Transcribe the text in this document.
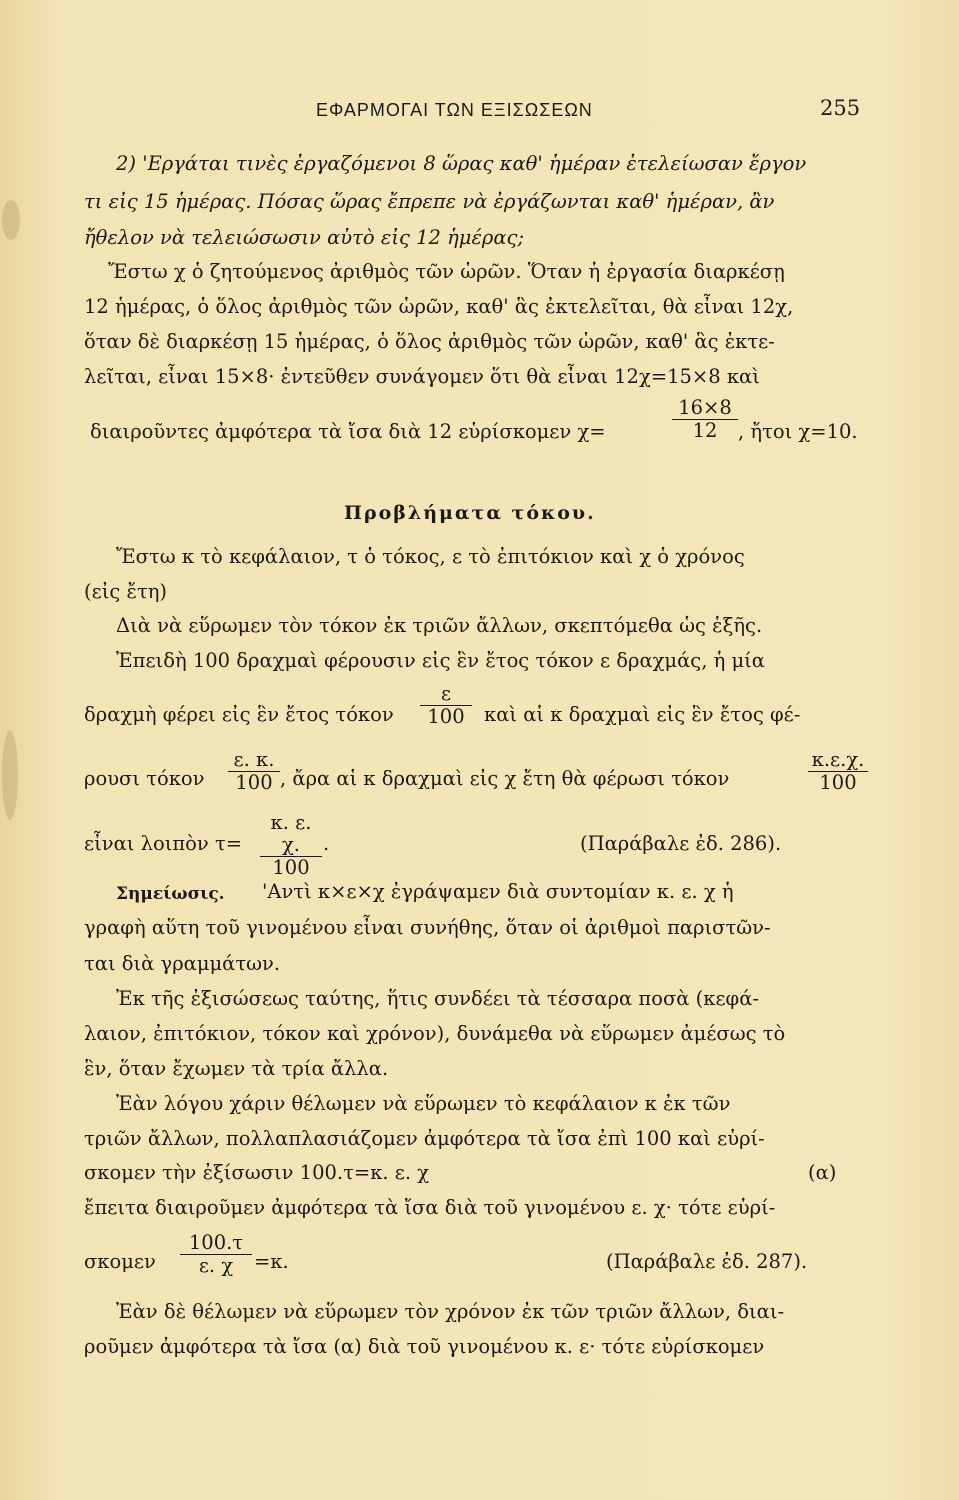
ΕΦΑΡΜΟΓΑΙ ΤΩΝ ΕΞΙΣΩΣΕΩΝ	255
2) 'Εργάται τινὲς ἐργαζόμενοι 8 ὥρας καθ' ἡμέραν ἐτελείωσαν ἔργον
τι εἰς 15 ἡμέρας. Πόσας ὥρας ἔπρεπε νὰ ἐργάζωνται καθ' ἡμέραν, ἂν
ἤθελον νὰ τελειώσωσιν αὐτὸ εἰς 12 ἡμέρας;
Ἔστω χ ὁ ζητούμενος ἀριθμὸς τῶν ὡρῶν. Ὅταν ἡ ἐργασία διαρκέσῃ
12 ἡμέρας, ὁ ὅλος ἀριθμὸς τῶν ὡρῶν, καθ' ἃς ἐκτελεῖται, θὰ εἶναι 12χ,
ὅταν δὲ διαρκέσῃ 15 ἡμέρας, ὁ ὅλος ἀριθμὸς τῶν ὡρῶν, καθ' ἃς ἐκτε-
λεῖται, εἶναι 15×8· ἐντεῦθεν συνάγομεν ὅτι θὰ εἶναι 12χ=15×8 καὶ
διαιροῦντες ἀμφότερα τὰ ἴσα διὰ 12 εὑρίσκομεν χ=	$\frac{16\times 8}{12}$ , ἤτοι χ=10.
Προβλήματα τόκου.
Ἔστω κ τὸ κεφάλαιον, τ ὁ τόκος, ε τὸ ἐπιτόκιον καὶ χ ὁ χρόνος
(εἰς ἔτη)
Διὰ νὰ εὕρωμεν τὸν τόκον ἐκ τριῶν ἄλλων, σκεπτόμεθα ὡς ἑξῆς.
Ἐπειδὴ 100 δραχμαὶ φέρουσιν εἰς ἓν ἔτος τόκον ε δραχμάς, ἡ μία
δραχμὴ φέρει εἰς ἓν ἔτος τόκον $\frac{\varepsilon}{100}$ καὶ αἱ κ δραχμαὶ εἰς ἓν ἔτος φέ-
ρουσι τόκον $\frac{\varepsilon. \kappa.}{100}$ , ἄρα αἱ κ δραχμαὶ εἰς χ ἔτη θὰ φέρωσι τόκον	$\frac{\kappa.\varepsilon.\chi.}{100}$
εἶναι λοιπὸν $\tau= \frac{\kappa. \varepsilon. \chi.}{100}$ .	(Παράβαλε ἐδ. 286).
Σημείωσις. 'Αντὶ κ×ε×χ ἐγράψαμεν διὰ συντομίαν κ. ε. χ ἡ
γραφὴ αὕτη τοῦ γινομένου εἶναι συνήθης, ὅταν οἱ ἀριθμοὶ παριστῶν-
ται διὰ γραμμάτων.
Ἐκ τῆς ἐξισώσεως ταύτης, ἥτις συνδέει τὰ τέσσαρα ποσὰ (κεφά-
λαιον, ἐπιτόκιον, τόκον καὶ χρόνον), δυνάμεθα νὰ εὕρωμεν ἀμέσως τὸ
ἓν, ὅταν ἔχωμεν τὰ τρία ἄλλα.
Ἐὰν λόγου χάριν θέλωμεν νὰ εὕρωμεν τὸ κεφάλαιον κ ἐκ τῶν
τριῶν ἄλλων, πολλαπλασιάζομεν ἀμφότερα τὰ ἴσα ἐπὶ 100 καὶ εὑρί-
σκομεν τὴν ἐξίσωσιν 100.τ=κ. ε. χ	(α)
ἔπειτα διαιροῦμεν ἀμφότερα τὰ ἴσα διὰ τοῦ γινομένου ε. χ· τότε εὑρί-
σκομεν $\frac{100.\tau}{\varepsilon. \chi} =\kappa$.	(Παράβαλε ἐδ. 287).
Ἐὰν δὲ θέλωμεν νὰ εὕρωμεν τὸν χρόνον ἐκ τῶν τριῶν ἄλλων, διαι-
ροῦμεν ἀμφότερα τὰ ἴσα (α) διὰ τοῦ γινομένου κ. ε· τότε εὑρίσκομεν
